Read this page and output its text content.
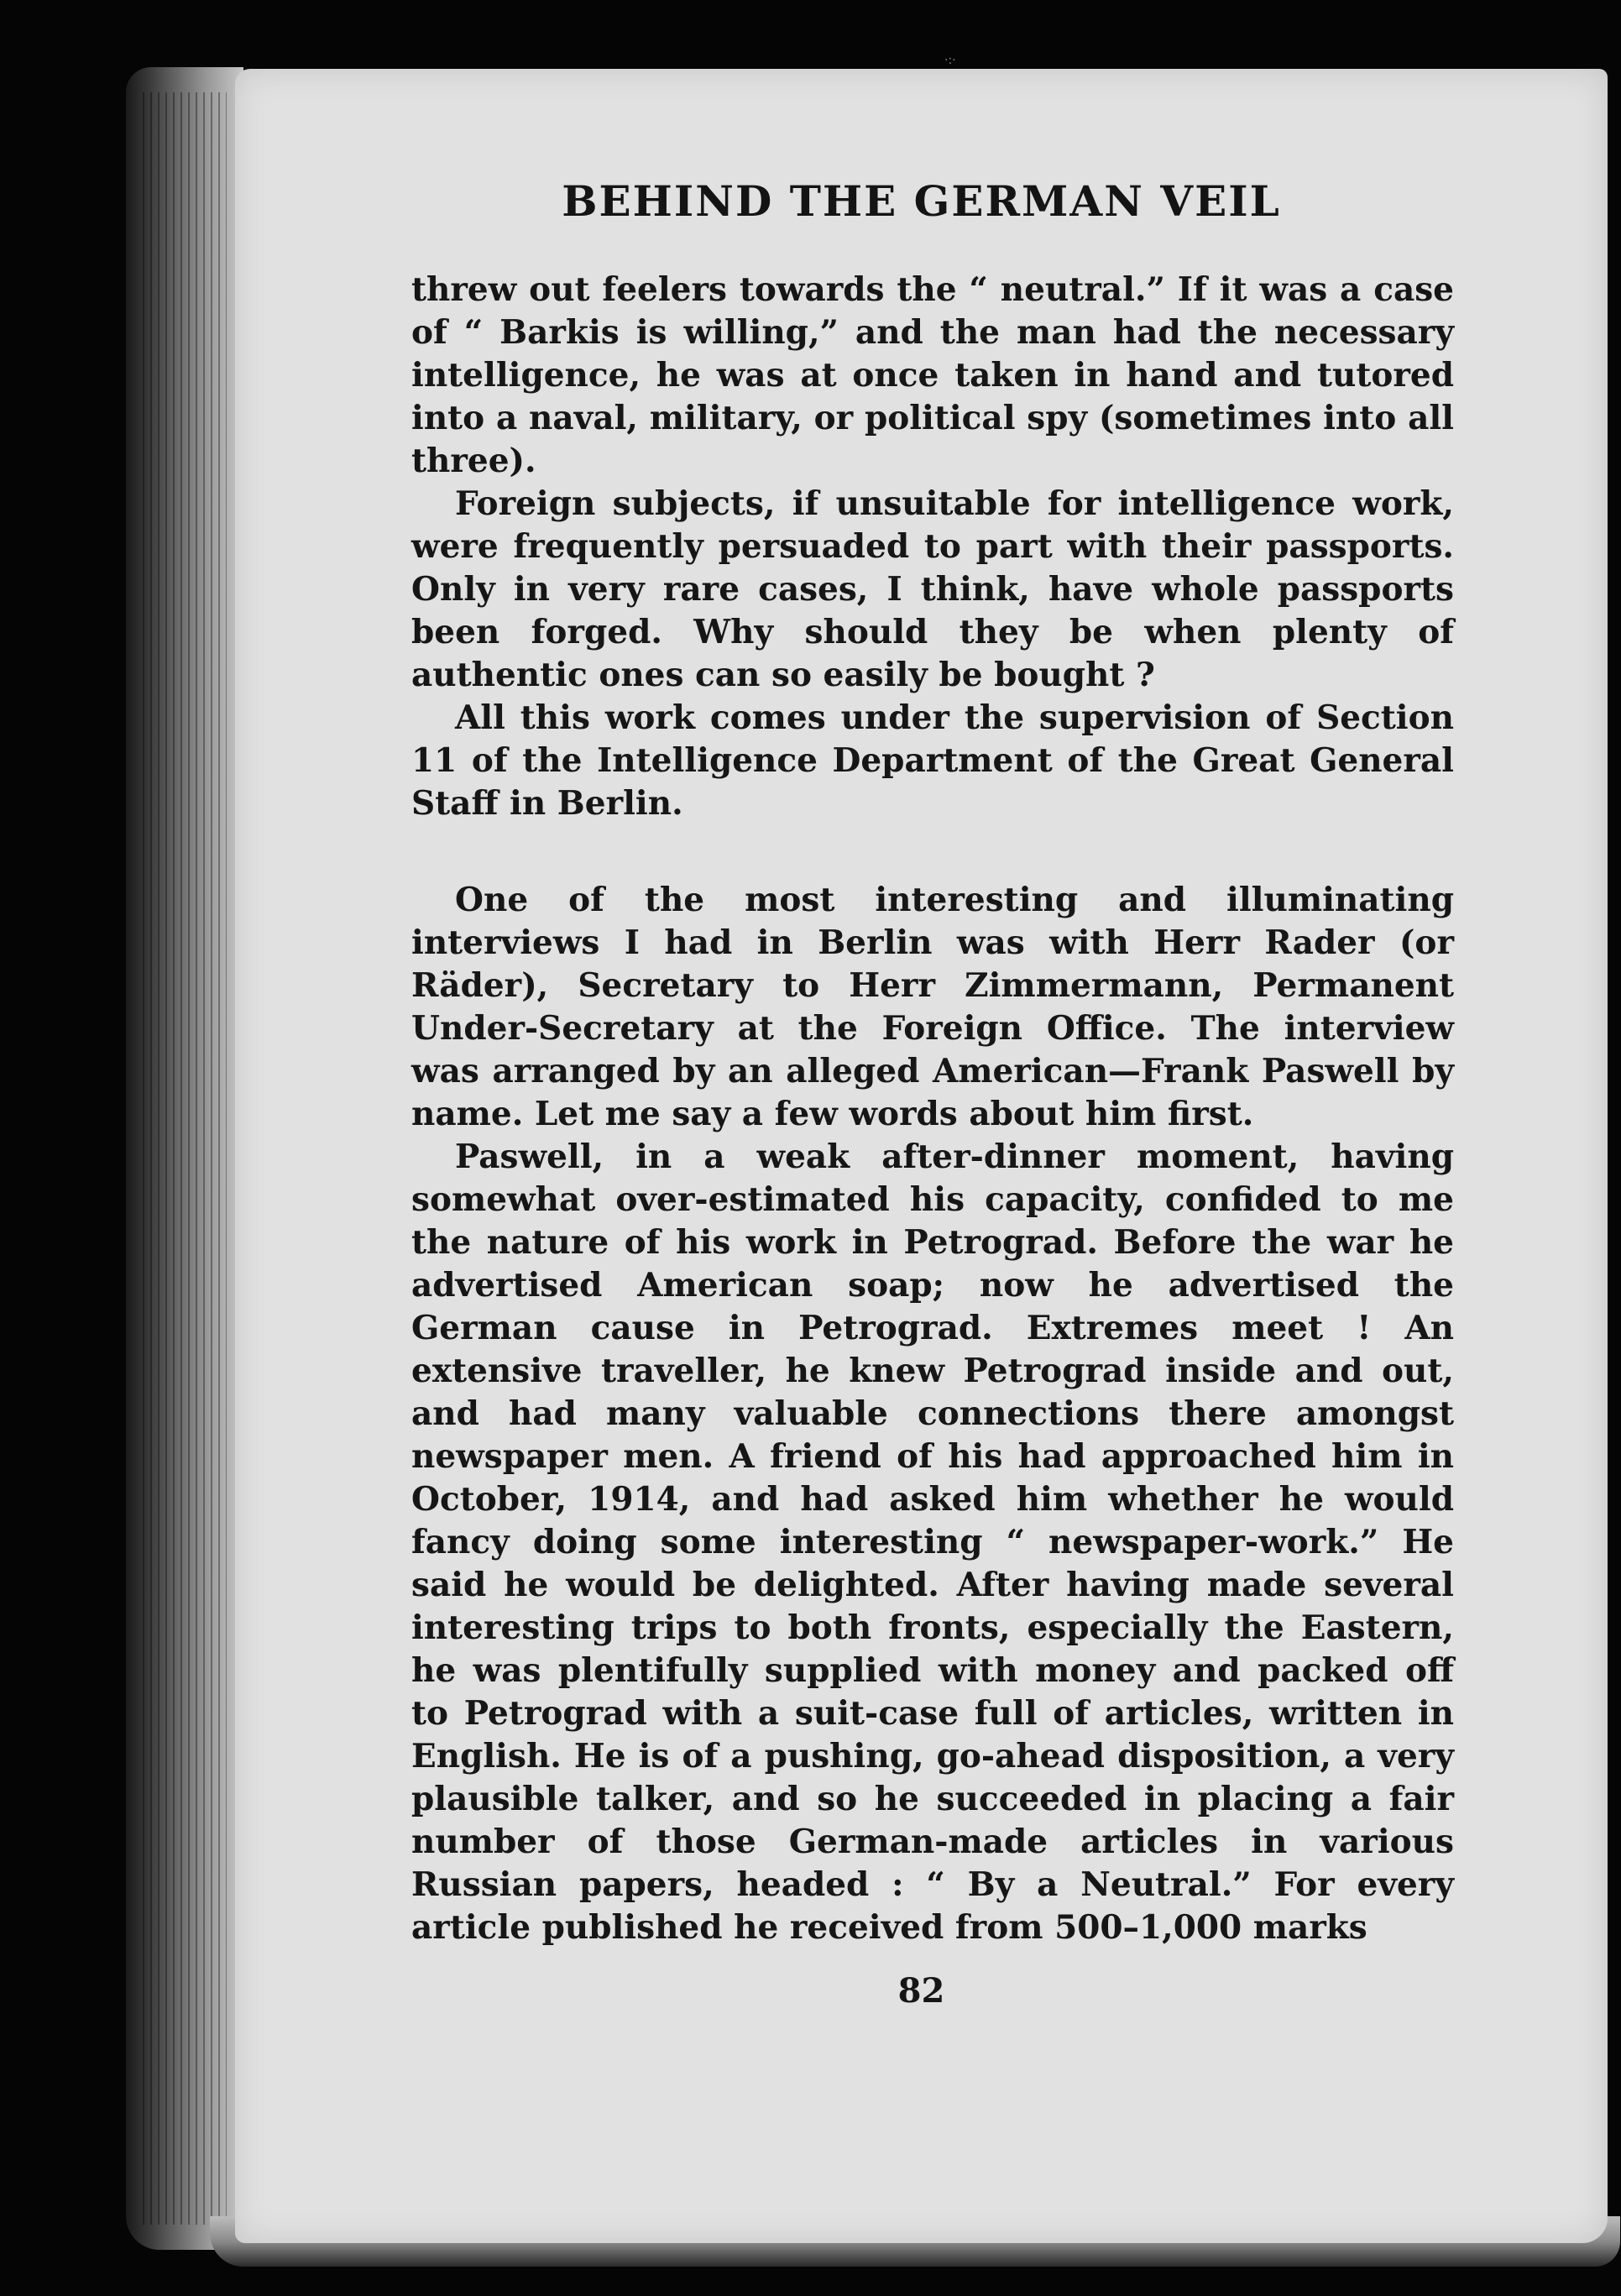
·:·
BEHIND THE GERMAN VEIL

threw out feelers towards the “ neutral.” If it was a case of “ Barkis is willing,” and the man had the necessary intelligence, he was at once taken in hand and tutored into a naval, military, or political spy (sometimes into all three).

Foreign subjects, if unsuitable for intelligence work, were frequently persuaded to part with their passports. Only in very rare cases, I think, have whole passports been forged. Why should they be when plenty of authentic ones can so easily be bought ?

All this work comes under the supervision of Section 11 of the Intelligence Department of the Great General Staff in Berlin.

One of the most interesting and illuminating interviews I had in Berlin was with Herr Rader (or Räder), Secretary to Herr Zimmermann, Permanent Under-Secretary at the Foreign Office. The interview was arranged by an alleged American—Frank Paswell by name. Let me say a few words about him first.

Paswell, in a weak after-dinner moment, having somewhat over-estimated his capacity, confided to me the nature of his work in Petrograd. Before the war he advertised American soap; now he advertised the German cause in Petrograd. Extremes meet ! An extensive traveller, he knew Petrograd inside and out, and had many valuable connections there amongst newspaper men. A friend of his had approached him in October, 1914, and had asked him whether he would fancy doing some interesting “ newspaper-work.” He said he would be delighted. After having made several interesting trips to both fronts, especially the Eastern, he was plentifully supplied with money and packed off to Petrograd with a suit-case full of articles, written in English. He is of a pushing, go-ahead disposition, a very plausible talker, and so he succeeded in placing a fair number of those German-made articles in various Russian papers, headed : “ By a Neutral.” For every article published he received from 500–1,000 marks

82
